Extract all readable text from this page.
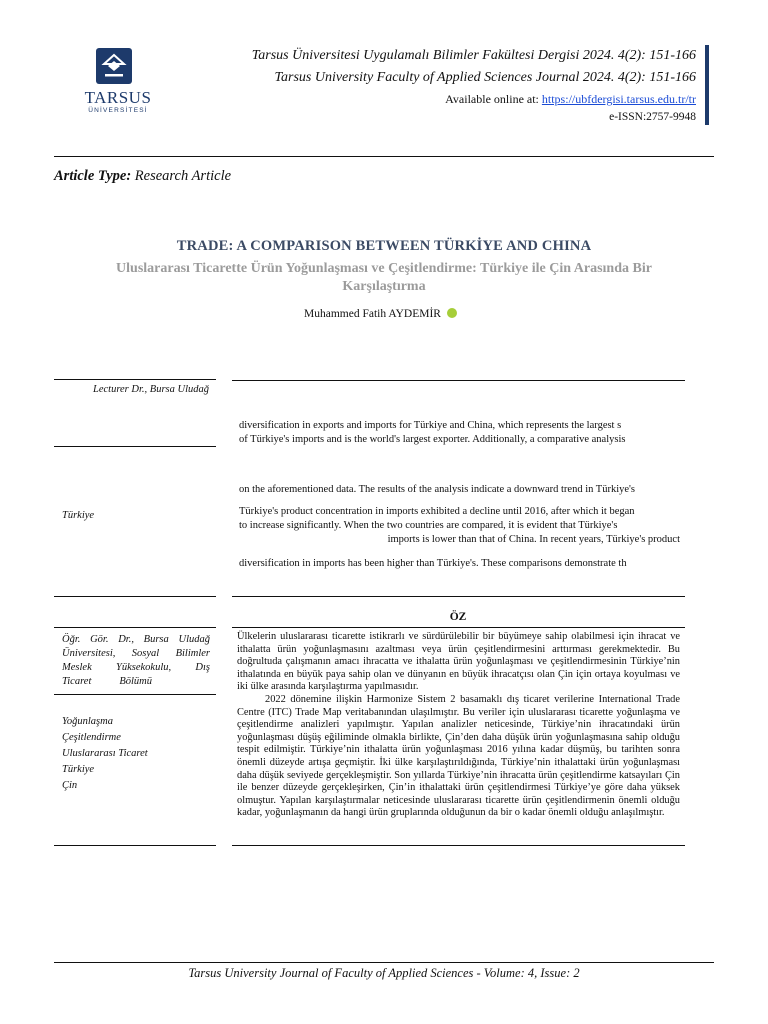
TARSUS
ÜNİVERSİTESİ
Tarsus Üniversitesi Uygulamalı Bilimler Fakültesi Dergisi 2024. 4(2): 151-166
Tarsus University Faculty of Applied Sciences Journal 2024. 4(2): 151-166
Available online at: https://ubfdergisi.tarsus.edu.tr/tr
e-ISSN:2757-9948
Article Type: Research Article
TRADE: A COMPARISON BETWEEN TÜRKİYE AND CHINA
Uluslararası Ticarette Ürün Yoğunlaşması ve Çeşitlendirme: Türkiye ile Çin Arasında Bir Karşılaştırma
Muhammed Fatih AYDEMİR
Lecturer Dr., Bursa Uludağ
Türkiye
Öğr. Gör. Dr., Bursa Uludağ
Üniversitesi, Sosyal Bilimler
Meslek Yüksekokulu, Dış
Ticaret Bölümü
Yoğunlaşma
Çeşitlendirme
Uluslararası Ticaret
Türkiye
Çin
diversification in exports and imports for Türkiye and China, which represents the largest s
of Türkiye's imports and is the world's largest exporter. Additionally, a comparative analysis
on the aforementioned data. The results of the analysis indicate a downward trend in Türkiye's
Türkiye's product concentration in imports exhibited a decline until 2016, after which it began
to increase significantly. When the two countries are compared, it is evident that Türkiye's
imports is lower than that of China. In recent years, Türkiye's product
diversification in imports has been higher than Türkiye's. These comparisons demonstrate th
ÖZ

Ülkelerin uluslararası ticarette istikrarlı ve sürdürülebilir bir büyümeye sahip olabilmesi için ihracat ve ithalatta ürün yoğunlaşmasını azaltması veya ürün çeşitlendirmesini arttırması gerekmektedir. Bu doğrultuda çalışmanın amacı ihracatta ve ithalatta ürün yoğunlaşması ve çeşitlendirmesinin Türkiye’nin ithalatında en büyük paya sahip olan ve dünyanın en büyük ihracatçısı olan Çin için ortaya koyulması ve iki ülke arasında karşılaştırma yapılmasıdır.

2022 dönemine ilişkin Harmonize Sistem 2 basamaklı dış ticaret verilerine International Trade Centre (ITC) Trade Map veritabanından ulaşılmıştır. Bu veriler için uluslararası ticarette yoğunlaşma ve çeşitlendirme analizleri yapılmıştır. Yapılan analizler neticesinde, Türkiye’nin ihracatındaki ürün yoğunlaşması düşüş eğiliminde olmakla birlikte, Çin’den daha düşük ürün yoğunlaşmasına sahip olduğu tespit edilmiştir. Türkiye’nin ithalatta ürün yoğunlaşması 2016 yılına kadar düşmüş, bu tarihten sonra önemli düzeyde artışa geçmiştir. İki ülke karşılaştırıldığında, Türkiye’nin ithalattaki ürün yoğunlaşması daha düşük seviyede gerçekleşmiştir. Son yıllarda Türkiye’nin ihracatta ürün çeşitlendirme katsayıları Çin ile benzer düzeyde gerçekleşirken, Çin’in ithalattaki ürün çeşitlendirmesi Türkiye’ye göre daha yüksek olmuştur. Yapılan karşılaştırmalar neticesinde uluslararası ticarette ürün çeşitlendirmenin önemli olduğu kadar, yoğunlaşmanın da hangi ürün gruplarında olduğunun da bir o kadar önemli olduğu anlaşılmıştır.

Tarsus University Journal of Faculty of Applied Sciences - Volume: 4, Issue: 2
